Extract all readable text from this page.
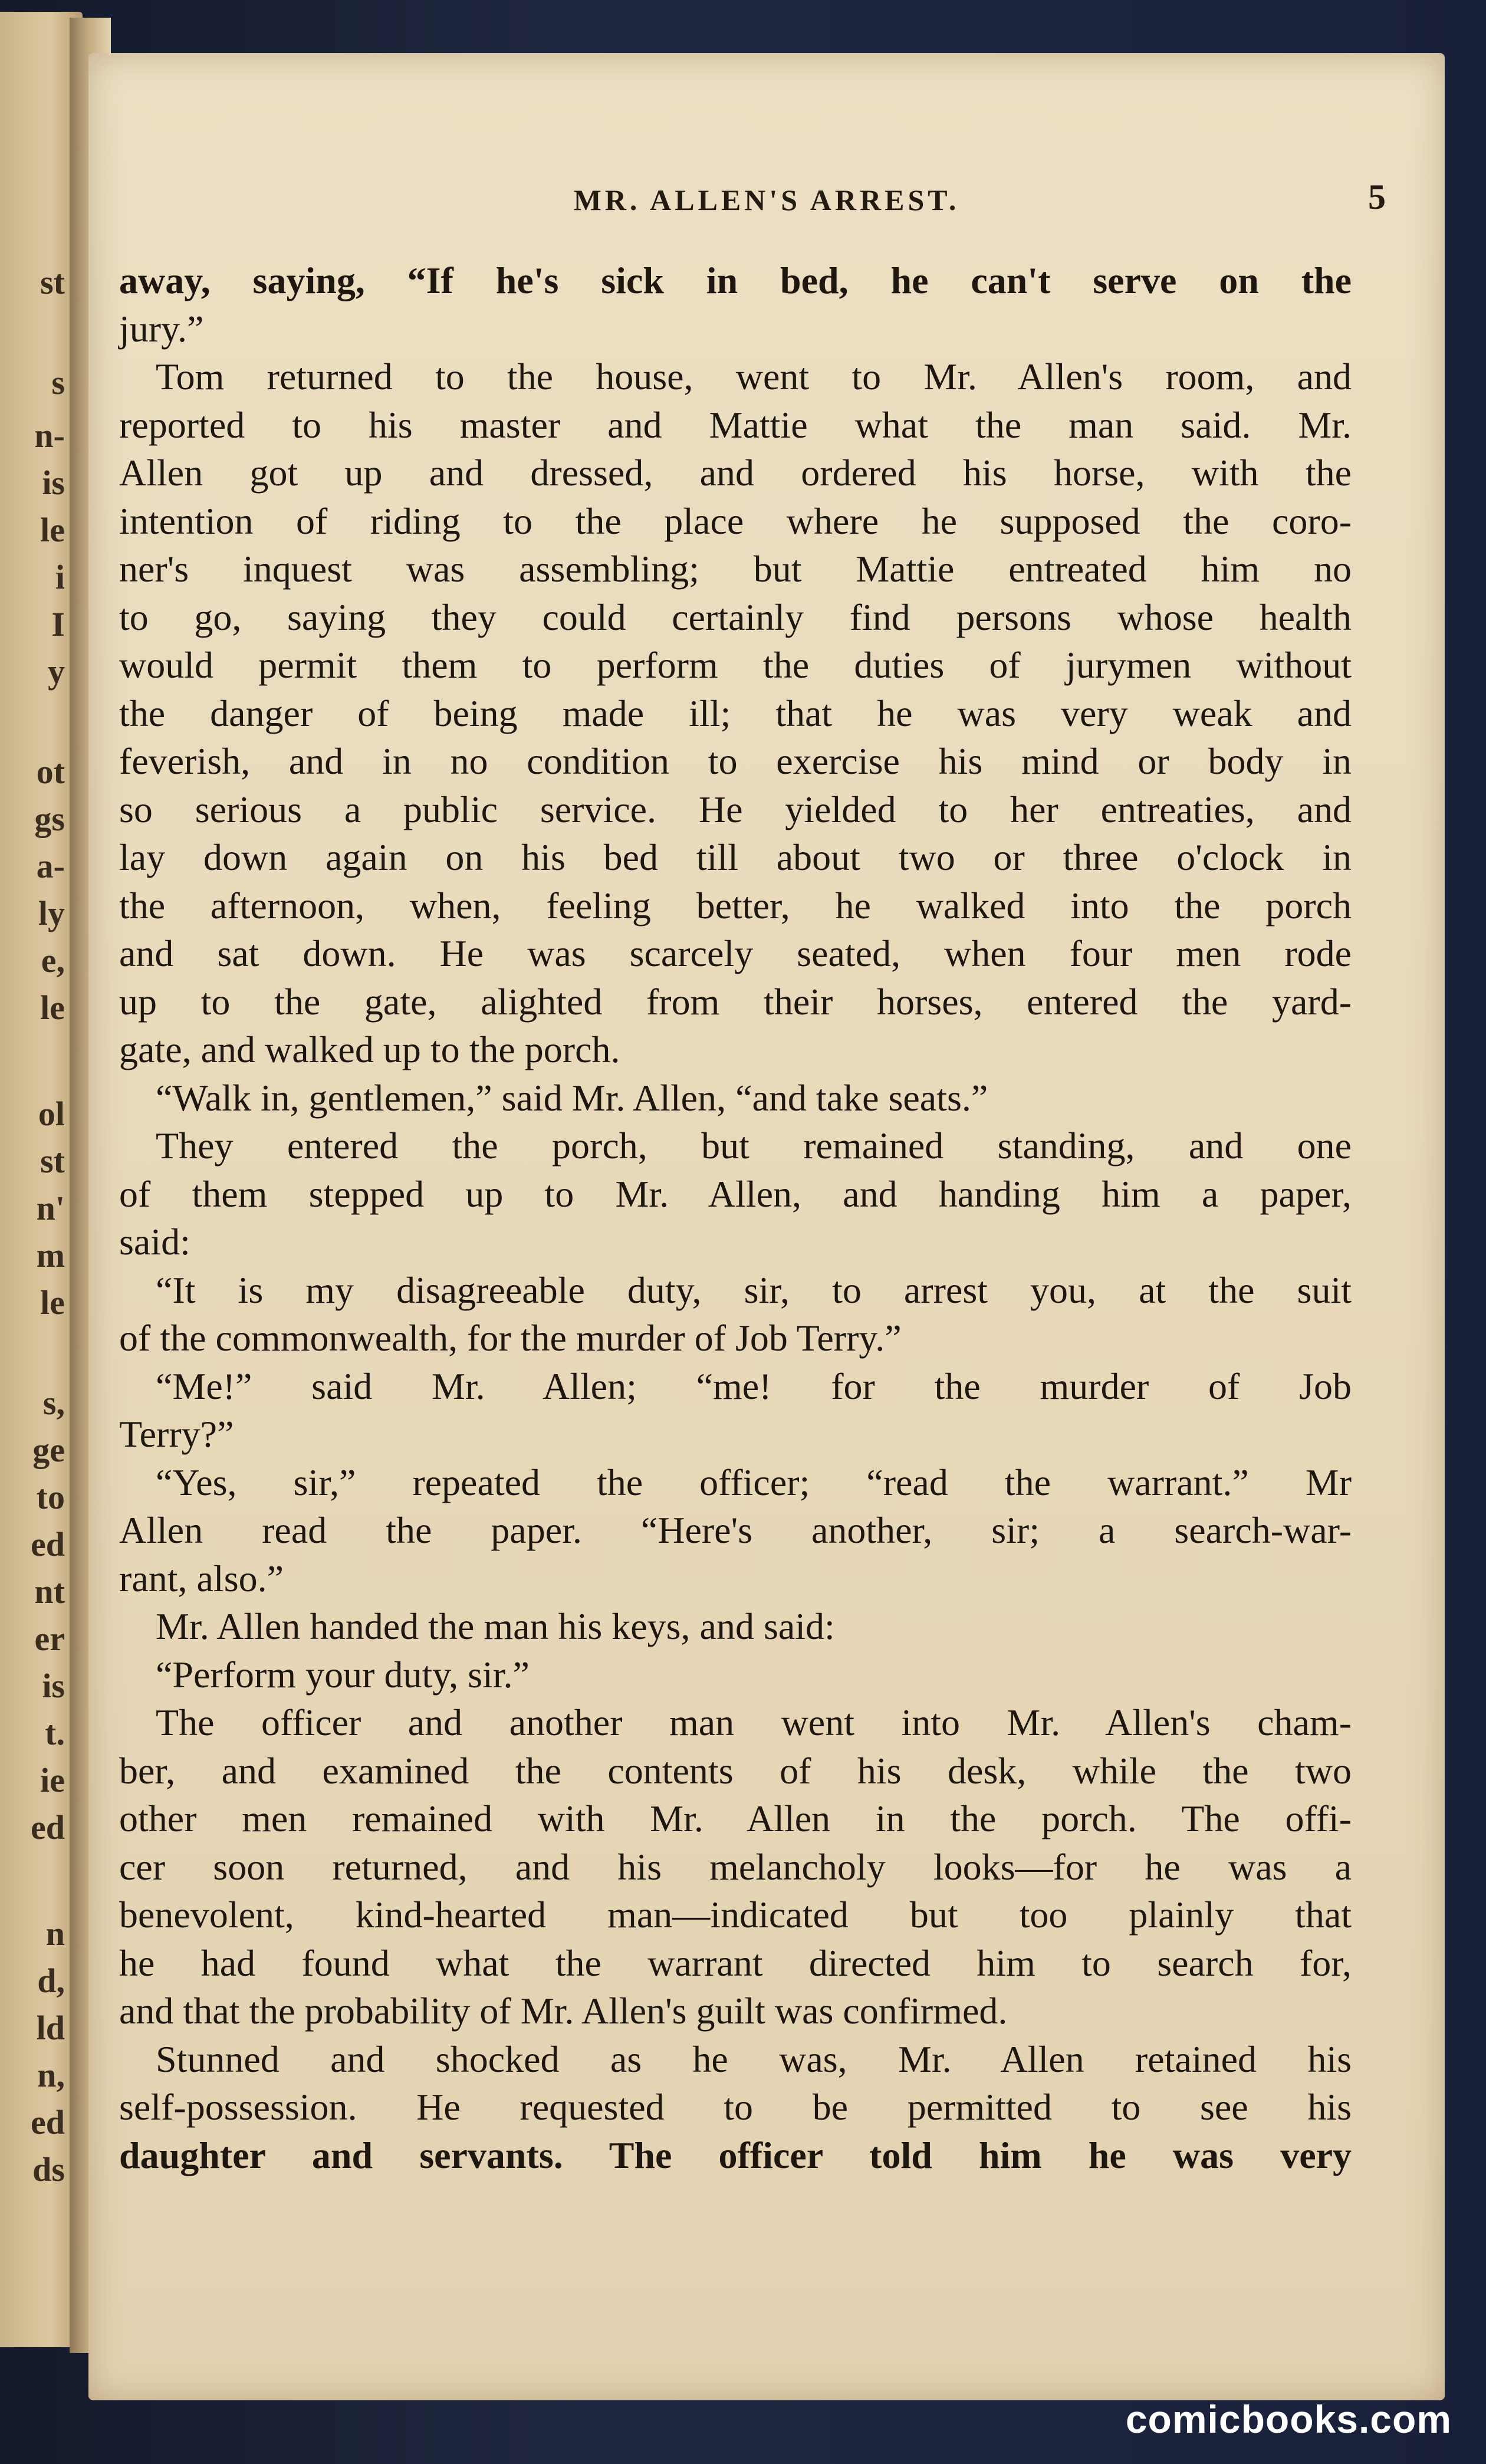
st
s
n-
is
le
i
I
y
ot
gs
a-
ly
e,
le
ol
st
n'
m
le
s,
ge
to
ed
nt
er
is
t.
ie
ed
n
d,
ld
n,
ed
ds
MR. ALLEN'S ARREST.	5
away, saying, “If he's sick in bed, he can't serve on the
jury.”
Tom returned to the house, went to Mr. Allen's room, and
reported to his master and Mattie what the man said. Mr.
Allen got up and dressed, and ordered his horse, with the
intention of riding to the place where he supposed the coro-
ner's inquest was assembling; but Mattie entreated him no
to go, saying they could certainly find persons whose health
would permit them to perform the duties of jurymen without
the danger of being made ill; that he was very weak and
feverish, and in no condition to exercise his mind or body in
so serious a public service. He yielded to her entreaties, and
lay down again on his bed till about two or three o'clock in
the afternoon, when, feeling better, he walked into the porch
and sat down. He was scarcely seated, when four men rode
up to the gate, alighted from their horses, entered the yard-
gate, and walked up to the porch.
“Walk in, gentlemen,” said Mr. Allen, “and take seats.”
They entered the porch, but remained standing, and one
of them stepped up to Mr. Allen, and handing him a paper,
said:
“It is my disagreeable duty, sir, to arrest you, at the suit
of the commonwealth, for the murder of Job Terry.”
“Me!” said Mr. Allen; “me! for the murder of Job
Terry?”
“Yes, sir,” repeated the officer; “read the warrant.” Mr
Allen read the paper. “Here's another, sir; a search-war-
rant, also.”
Mr. Allen handed the man his keys, and said:
“Perform your duty, sir.”
The officer and another man went into Mr. Allen's cham-
ber, and examined the contents of his desk, while the two
other men remained with Mr. Allen in the porch. The offi-
cer soon returned, and his melancholy looks—for he was a
benevolent, kind-hearted man—indicated but too plainly that
he had found what the warrant directed him to search for,
and that the probability of Mr. Allen's guilt was confirmed.
Stunned and shocked as he was, Mr. Allen retained his
self-possession. He requested to be permitted to see his
daughter and servants. The officer told him he was very
comicbooks.com
